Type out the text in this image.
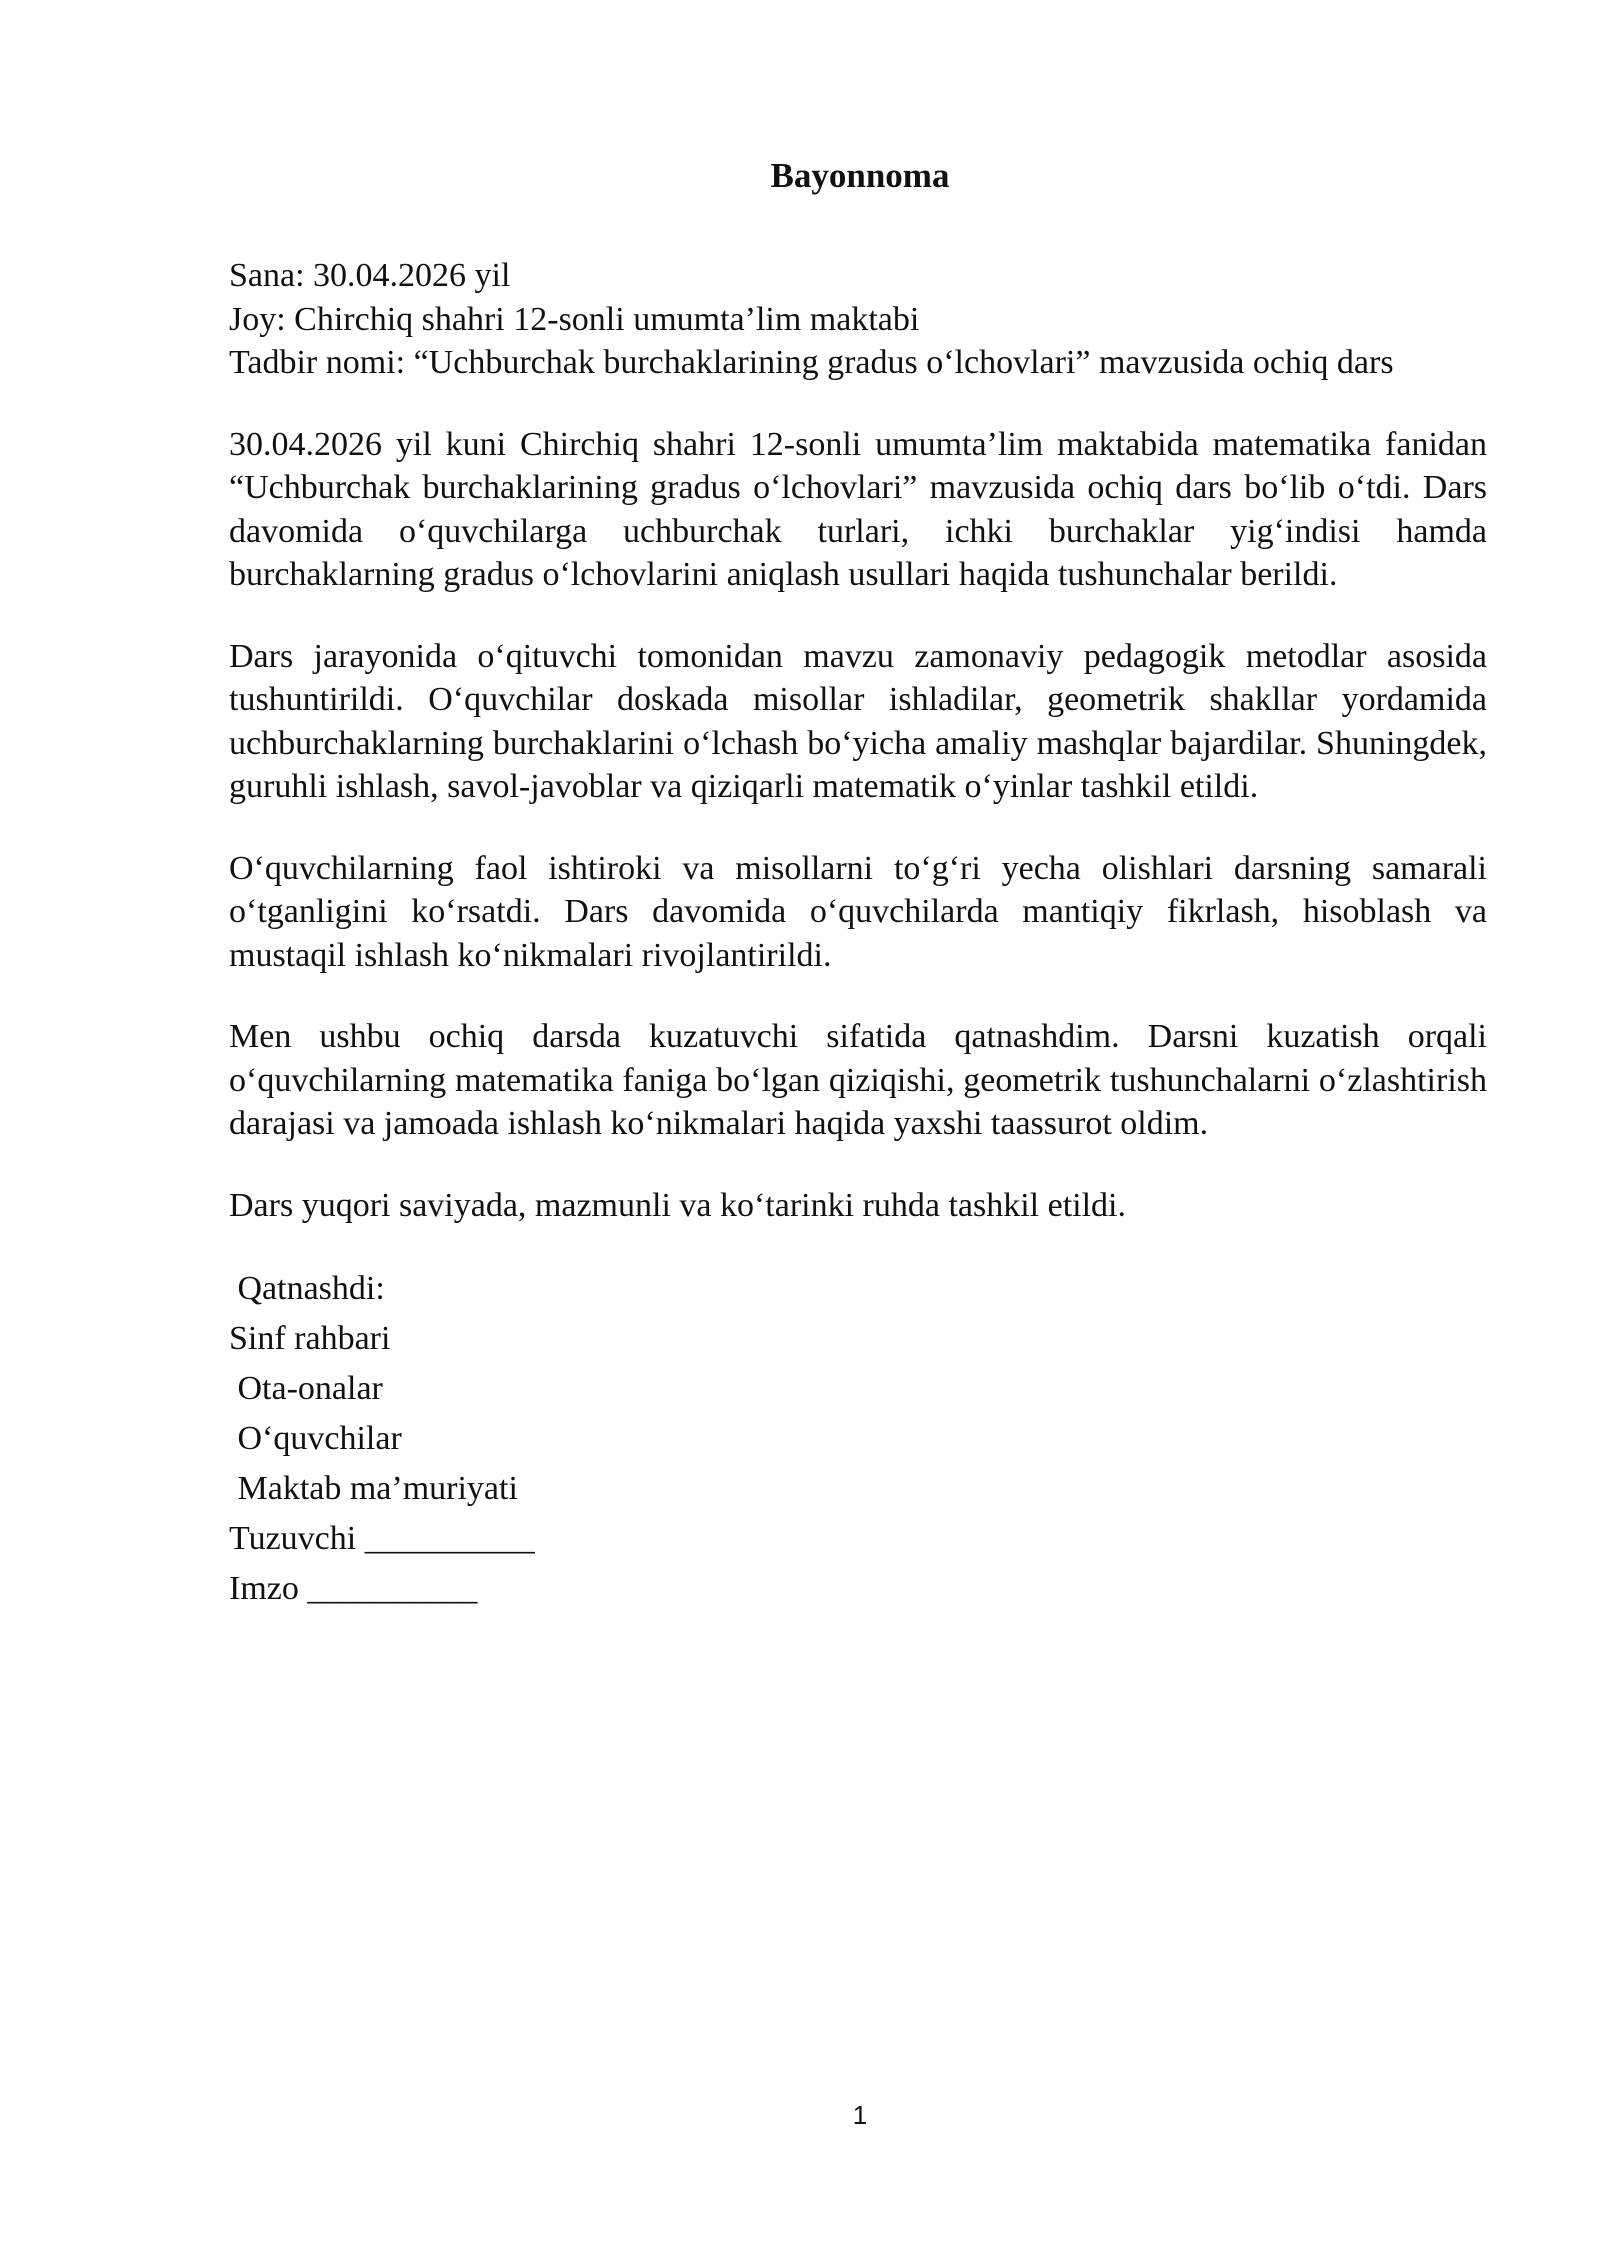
Bayonnoma
Sana: 30.04.2026 yil
Joy: Chirchiq shahri 12-sonli umumta’lim maktabi
Tadbir nomi: “Uchburchak burchaklarining gradus o‘lchovlari” mavzusida ochiq dars

30.04.2026 yil kuni Chirchiq shahri 12-sonli umumta’lim maktabida matematika fanidan “Uchburchak burchaklarining gradus o‘lchovlari” mavzusida ochiq dars bo‘lib o‘tdi. Dars davomida o‘quvchilarga uchburchak turlari, ichki burchaklar yig‘indisi hamda burchaklarning gradus o‘lchovlarini aniqlash usullari haqida tushunchalar berildi.

Dars jarayonida o‘qituvchi tomonidan mavzu zamonaviy pedagogik metodlar asosida tushuntirildi. O‘quvchilar doskada misollar ishladilar, geometrik shakllar yordamida uchburchaklarning burchaklarini o‘lchash bo‘yicha amaliy mashqlar bajardilar. Shuningdek, guruhli ishlash, savol-javoblar va qiziqarli matematik o‘yinlar tashkil etildi.

O‘quvchilarning faol ishtiroki va misollarni to‘g‘ri yecha olishlari darsning samarali o‘tganligini ko‘rsatdi. Dars davomida o‘quvchilarda mantiqiy fikrlash, hisoblash va mustaqil ishlash ko‘nikmalari rivojlantirildi.

Men ushbu ochiq darsda kuzatuvchi sifatida qatnashdim. Darsni kuzatish orqali o‘quvchilarning matematika faniga bo‘lgan qiziqishi, geometrik tushunchalarni o‘zlashtirish darajasi va jamoada ishlash ko‘nikmalari haqida yaxshi taassurot oldim.

Dars yuqori saviyada, mazmunli va ko‘tarinki ruhda tashkil etildi.

Qatnashdi:
Sinf rahbari
Ota-onalar
O‘quvchilar
Maktab ma’muriyati
Tuzuvchi __________
Imzo __________
1
